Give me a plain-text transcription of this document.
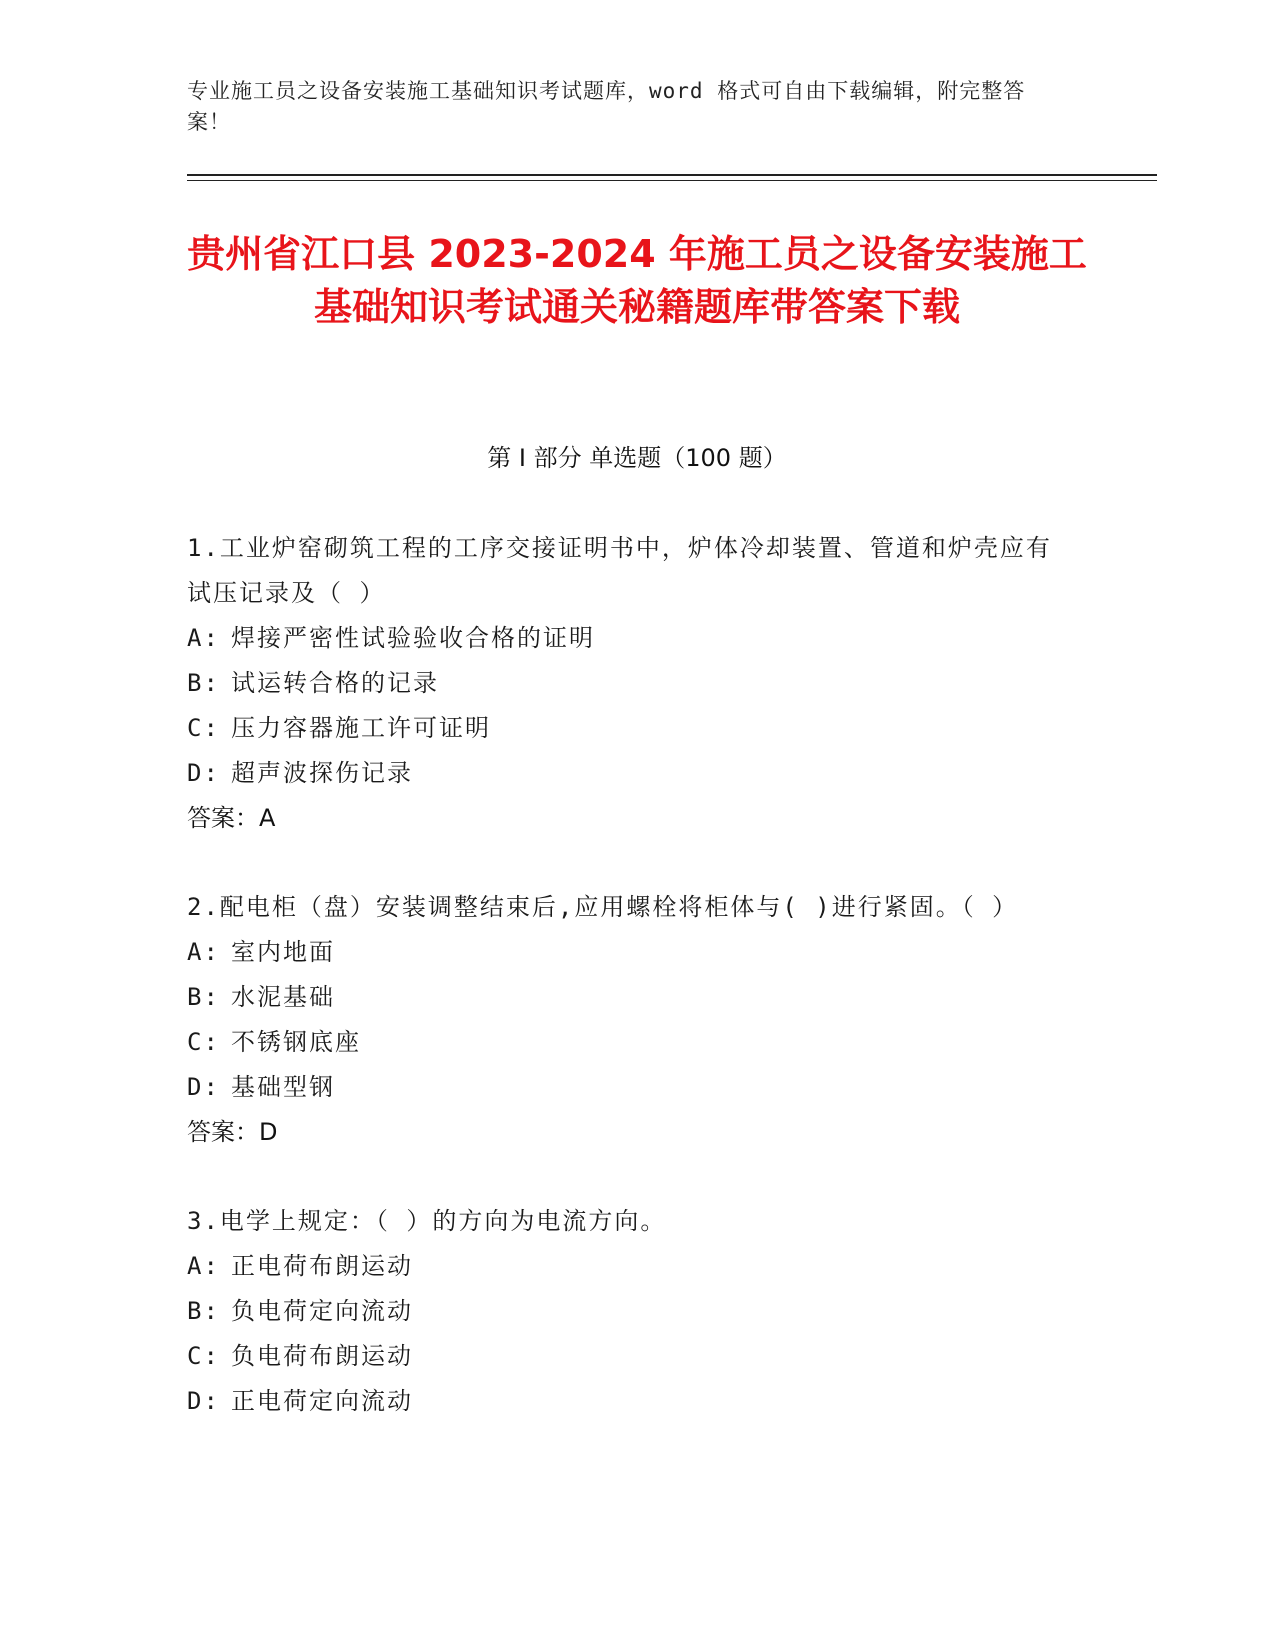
专业施工员之设备安装施工基础知识考试题库，word 格式可自由下载编辑，附完整答案！
贵州省江口县 2023-2024 年施工员之设备安装施工基础知识考试通关秘籍题库带答案下载
第 I 部分 单选题（100 题）
1.工业炉窑砌筑工程的工序交接证明书中，炉体冷却装置、管道和炉壳应有试压记录及（ ）
A: 焊接严密性试验验收合格的证明
B: 试运转合格的记录
C: 压力容器施工许可证明
D: 超声波探伤记录
答案：A
2.配电柜（盘）安装调整结束后,应用螺栓将柜体与( )进行紧固。（ ）
A: 室内地面
B: 水泥基础
C: 不锈钢底座
D: 基础型钢
答案：D
3.电学上规定：（ ）的方向为电流方向。
A: 正电荷布朗运动
B: 负电荷定向流动
C: 负电荷布朗运动
D: 正电荷定向流动
